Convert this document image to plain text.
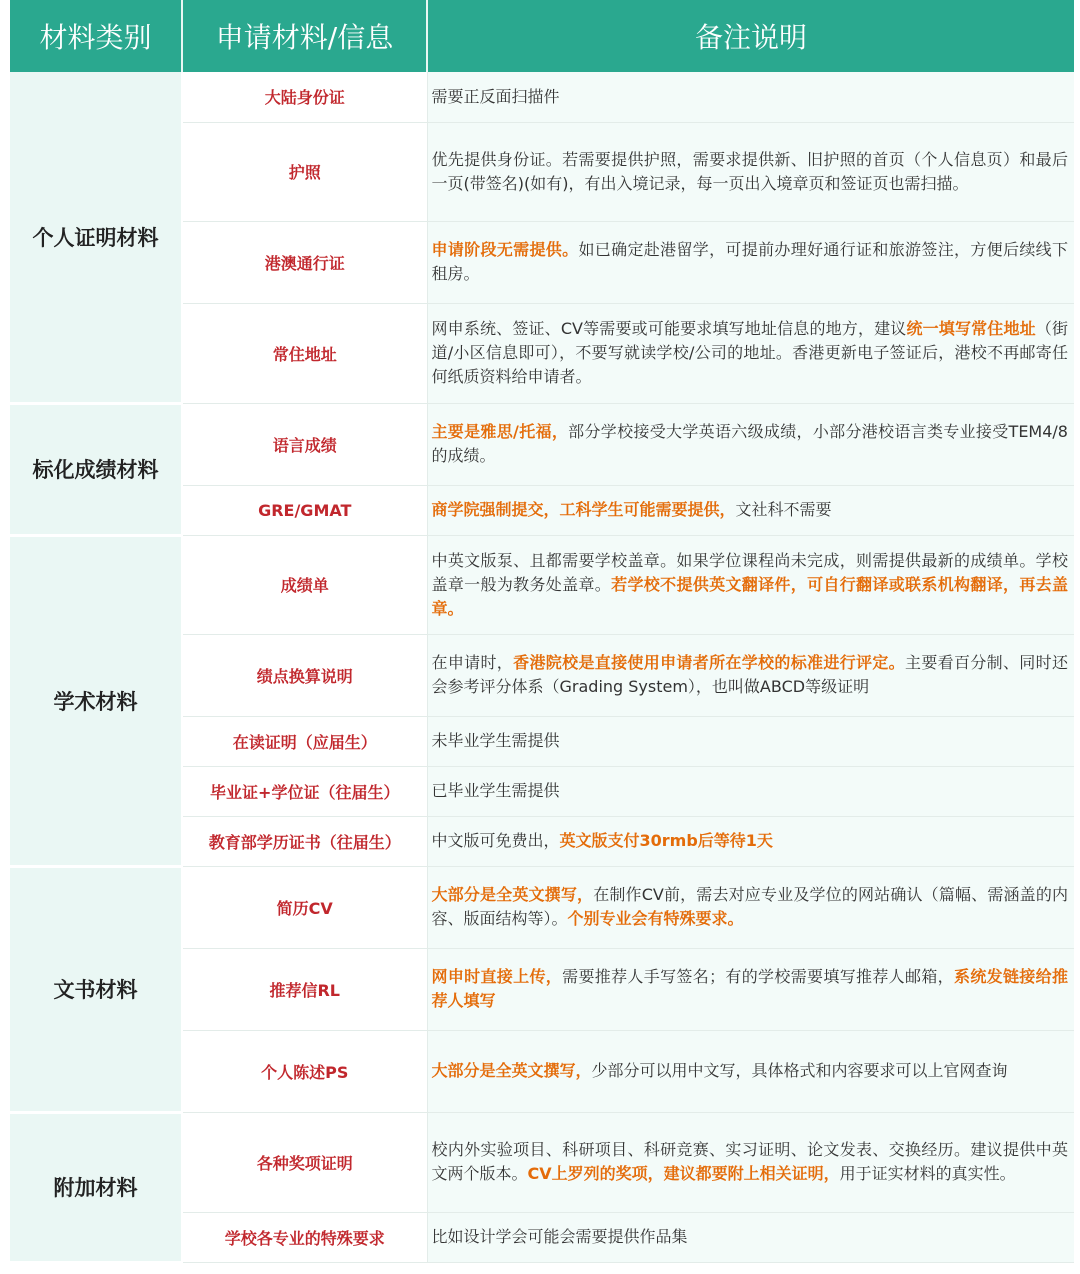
材料类别	申请材料/信息	备注说明
个人证明材料	大陆身份证	需要正反面扫描件
	护照	优先提供身份证。若需要提供护照，需要求提供新、旧护照的首页（个人信息页）和最后一页(带签名)(如有)，有出入境记录，每一页出入境章页和签证页也需扫描。
	港澳通行证	申请阶段无需提供。如已确定赴港留学，可提前办理好通行证和旅游签注，方便后续线下租房。
	常住地址	网申系统、签证、CV等需要或可能要求填写地址信息的地方，建议统一填写常住地址（街道/小区信息即可），不要写就读学校/公司的地址。香港更新电子签证后，港校不再邮寄任何纸质资料给申请者。
标化成绩材料	语言成绩	主要是雅思/托福，部分学校接受大学英语六级成绩，小部分港校语言类专业接受TEM4/8的成绩。
	GRE/GMAT	商学院强制提交，工科学生可能需要提供，文社科不需要
学术材料	成绩单	中英文版泵、且都需要学校盖章。如果学位课程尚未完成，则需提供最新的成绩单。学校盖章一般为教务处盖章。若学校不提供英文翻译件，可自行翻译或联系机构翻译，再去盖章。
	绩点换算说明	在申请时，香港院校是直接使用申请者所在学校的标准进行评定。主要看百分制、同时还会参考评分体系（Grading System），也叫做ABCD等级证明
	在读证明（应届生）	未毕业学生需提供
	毕业证+学位证（往届生）	已毕业学生需提供
	教育部学历证书（往届生）	中文版可免费出，英文版支付30rmb后等待1天
文书材料	简历CV	大部分是全英文撰写，在制作CV前，需去对应专业及学位的网站确认（篇幅、需涵盖的内容、版面结构等）。个别专业会有特殊要求。
	推荐信RL	网申时直接上传，需要推荐人手写签名；有的学校需要填写推荐人邮箱，系统发链接给推荐人填写
	个人陈述PS	大部分是全英文撰写，少部分可以用中文写，具体格式和内容要求可以上官网查询
附加材料	各种奖项证明	校内外实验项目、科研项目、科研竞赛、实习证明、论文发表、交换经历。建议提供中英文两个版本。CV上罗列的奖项，建议都要附上相关证明，用于证实材料的真实性。
	学校各专业的特殊要求	比如设计学会可能会需要提供作品集
